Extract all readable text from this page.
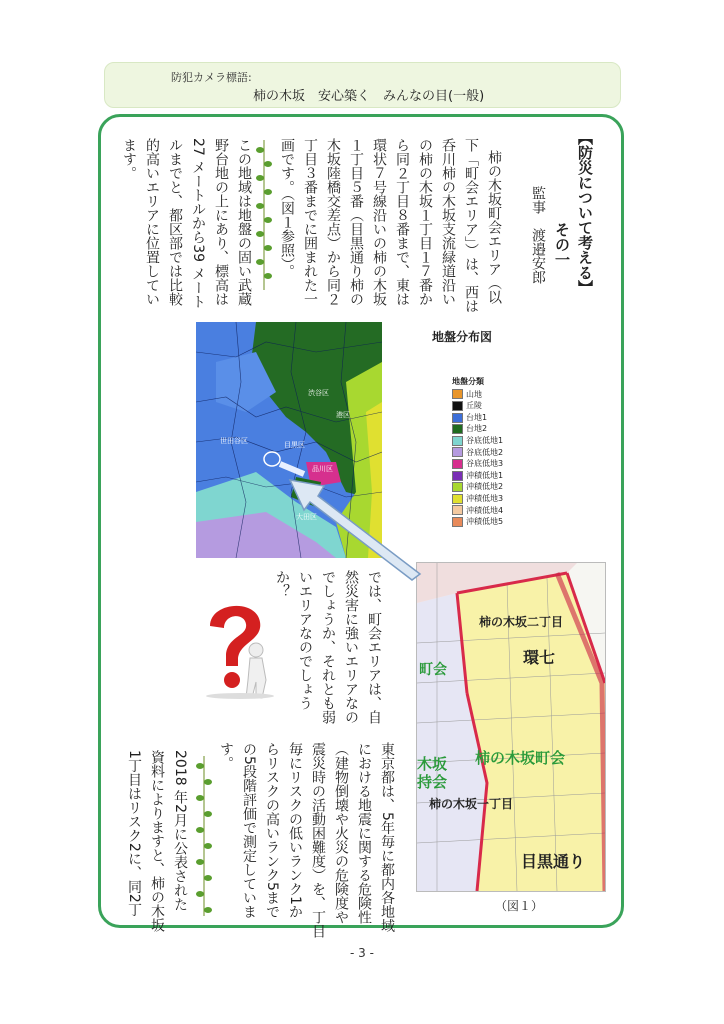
防犯カメラ標語:
柿の木坂　安心築く　みんなの目(一般)
【防災について考える】
その一
監事　渡邉安郎
柿の木坂町会エリア（以
下「町会エリア」）は、西は
呑川柿の木坂支流緑道沿い
の柿の木坂１丁目１７番か
ら同２丁目８番まで、東は
環状７号線沿いの柿の木坂
１丁目５番（目黒通り柿の
木坂陸橋交差点）から同２
丁目３番までに囲まれた一
画です。（図１参照）。
この地域は地盤の固い武蔵
野台地の上にあり、標高は
27 メートルから39 メート
ルまでと、都区部では比較
的高いエリアに位置してい
ます。
渋谷区
港区
世田谷区	目黒区
品川区
大田区
地盤分布図
地盤分類
山地
丘陵
台地1
台地2
谷底低地1
谷底低地2
谷底低地3
沖積低地1
沖積低地2
沖積低地3
沖積低地4
沖積低地5
では、町会エリアは、自
然災害に強いエリアなの
でしょうか、それとも弱
いエリアなのでしょう
か？
東京都は、5年毎に都内各地域
における地震に関する危険性
（建物倒壊や火災の危険度や
震災時の活動困難度）を、丁目
毎にリスクの低いランク1か
らリスクの高いランク5まで
の5段階評価で測定していま
す。
2018 年2月に公表された
資料によりますと、柿の木坂
1丁目はリスク2に、同2丁
柿の木坂二丁目
環七
町会
柿の木坂町会
木坂
持会
柿の木坂一丁目
目黒通り
（図１）
- 3 -
